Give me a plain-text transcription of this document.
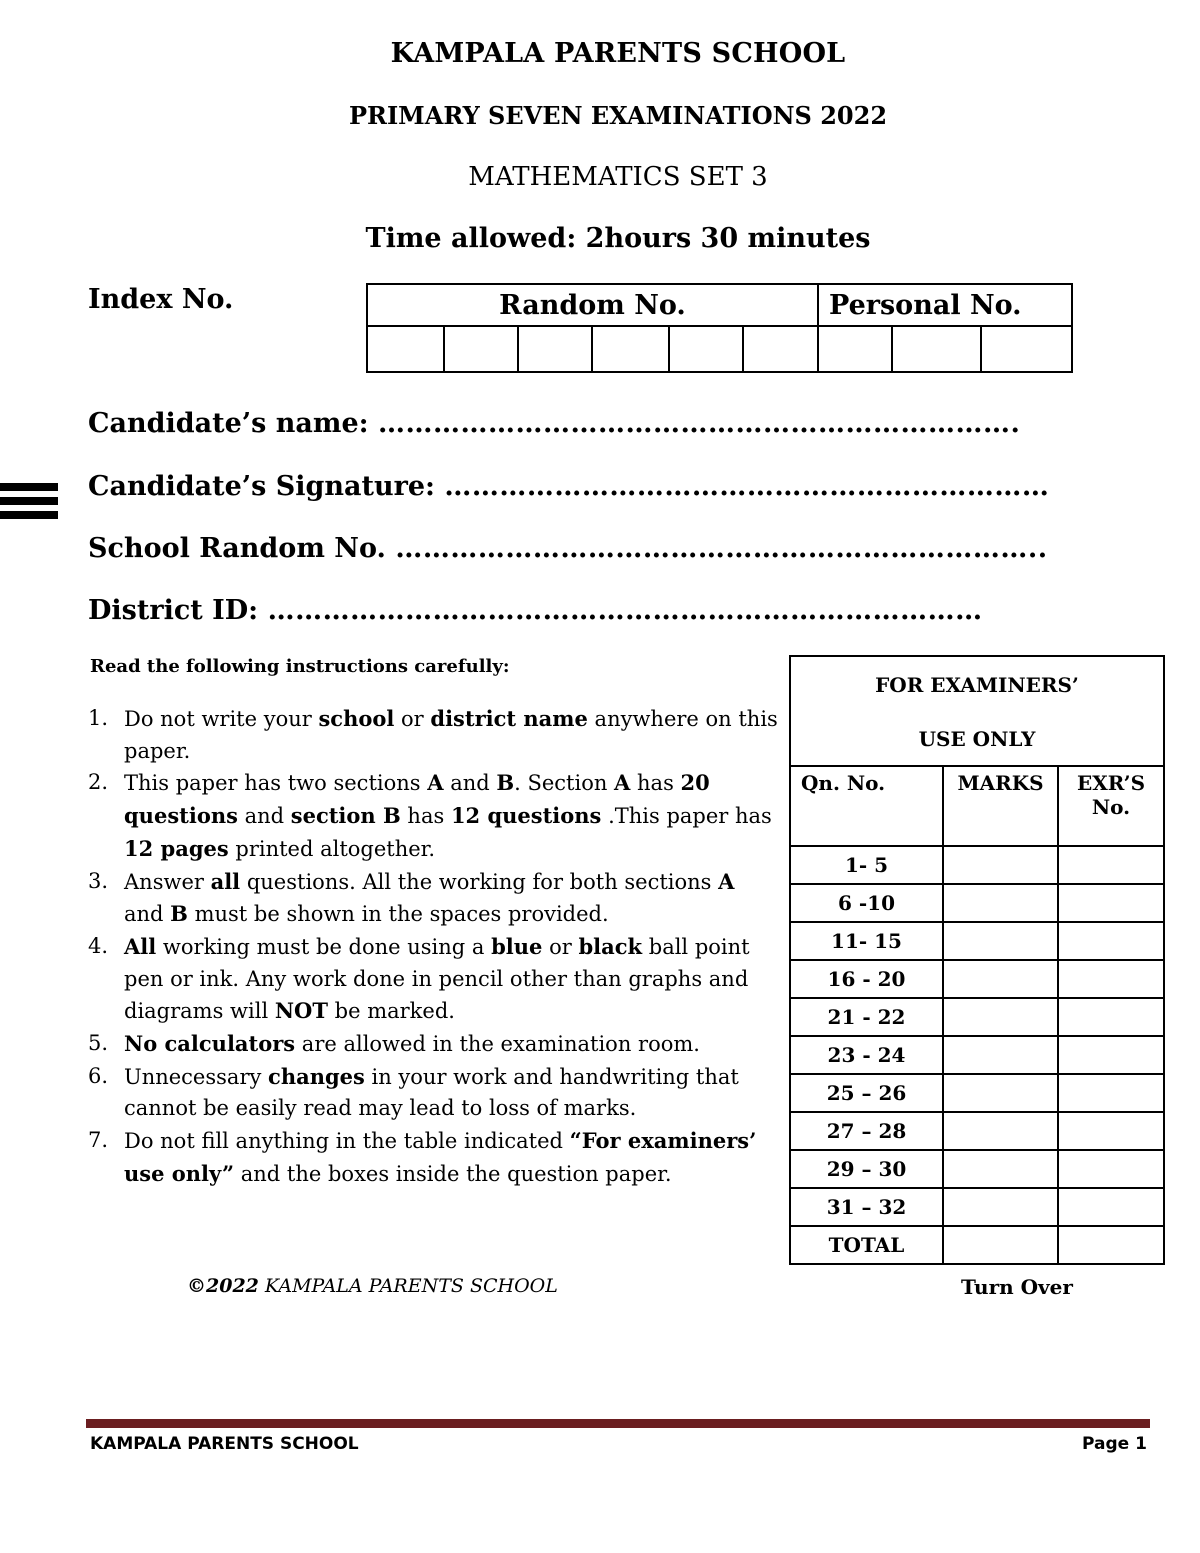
KAMPALA PARENTS SCHOOL
PRIMARY SEVEN EXAMINATIONS 2022
MATHEMATICS SET 3
Time allowed: 2hours 30 minutes
Index No.	Random No.						Personal No.		

Candidate’s name: …………………………………………………………….
Candidate’s Signature: …………………………………………………………
School Random No. ……………………………………………………………..
District ID: ……………………………………………………………………
Read the following instructions carefully:
1. Do not write your school or district name anywhere on this paper.
2. This paper has two sections A and B. Section A has 20 questions and section B has 12 questions .This paper has 12 pages printed altogether.
3. Answer all questions. All the working for both sections A and B must be shown in the spaces provided.
4. All working must be done using a blue or black ball point pen or ink. Any work done in pencil other than graphs and diagrams will NOT be marked.
5. No calculators are allowed in the examination room.
6. Unnecessary changes in your work and handwriting that cannot be easily read may lead to loss of marks.
7. Do not fill anything in the table indicated “For examiners’ use only” and the boxes inside the question paper.
FOR EXAMINERS’
USE ONLY		

Qn. No.	MARKS	EXR’S No.
1- 5		
6 -10		
11- 15		
16 - 20		
21 - 22		
23 - 24		
25 – 26		
27 – 28		
29 – 30		
31 – 32		
TOTAL		
©2022 KAMPALA PARENTS SCHOOL	Turn Over
KAMPALA PARENTS SCHOOL	Page 1
